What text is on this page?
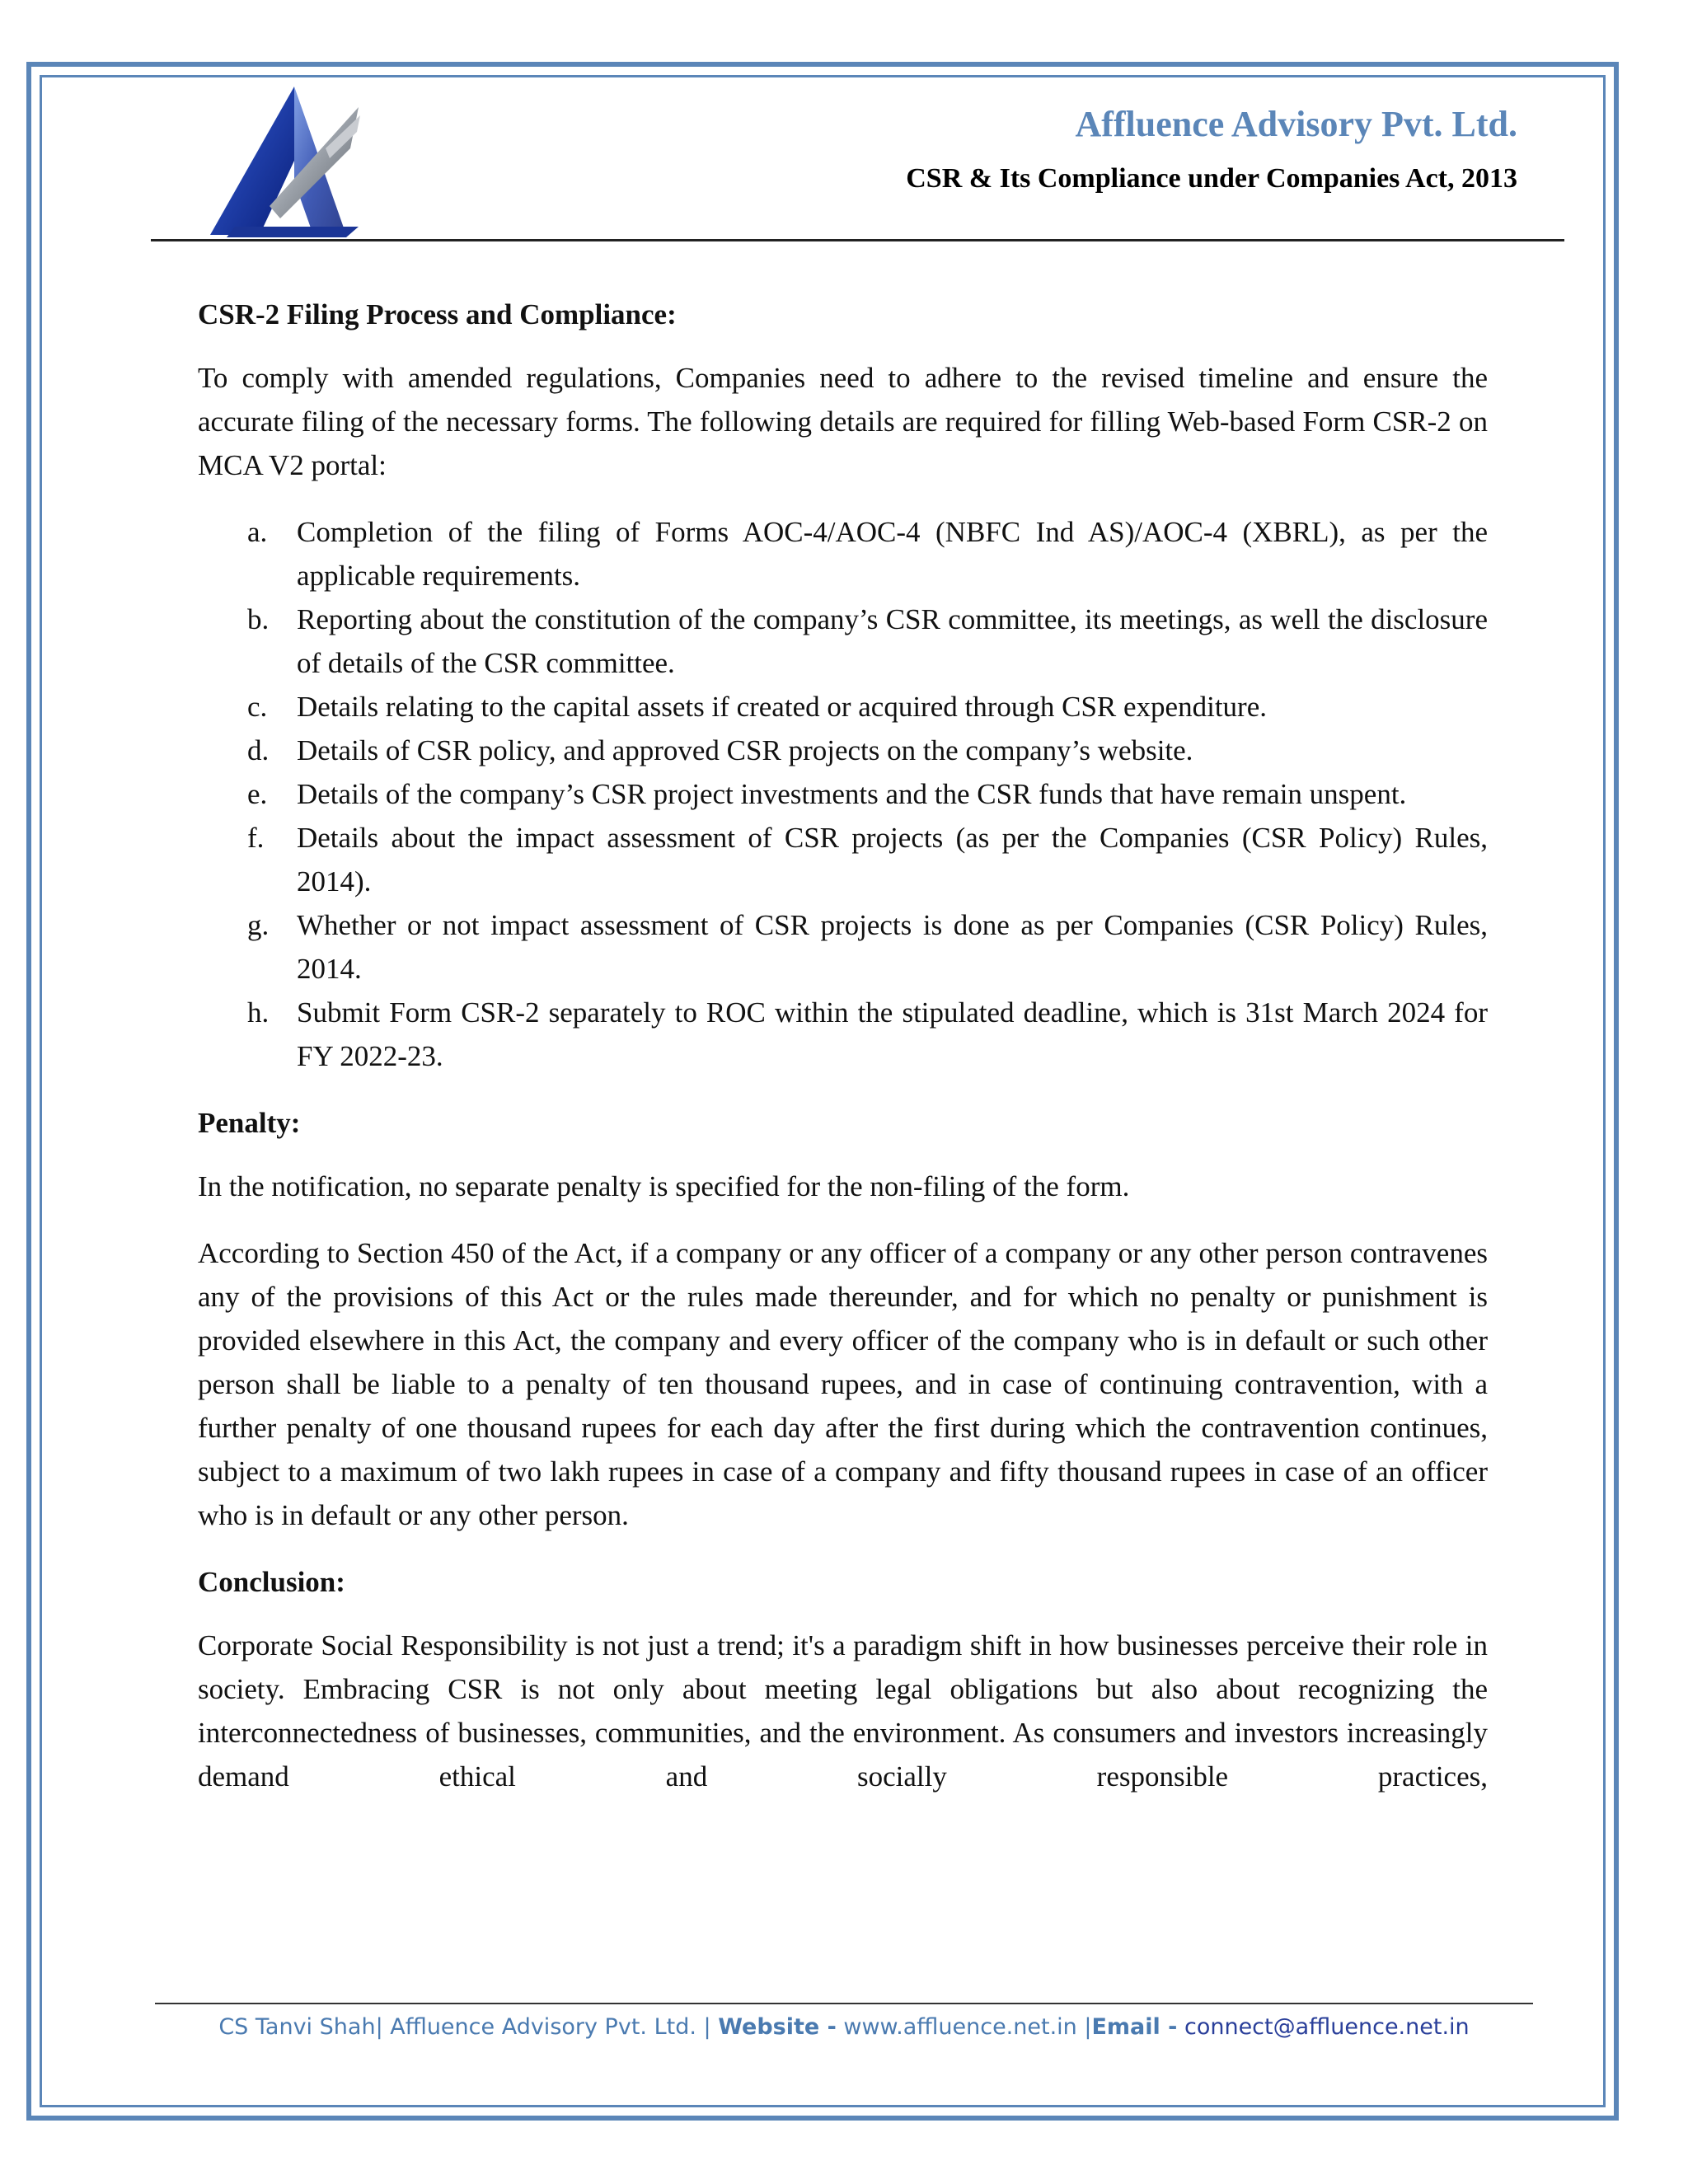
Affluence Advisory Pvt. Ltd.
CSR & Its Compliance under Companies Act, 2013

CSR-2 Filing Process and Compliance:

To comply with amended regulations, Companies need to adhere to the revised timeline and ensure the accurate filing of the necessary forms. The following details are required for filling Web-based Form CSR-2 on MCA V2 portal:

a. Completion of the filing of Forms AOC-4/AOC-4 (NBFC Ind AS)/AOC-4 (XBRL), as per the applicable requirements.
b. Reporting about the constitution of the company’s CSR committee, its meetings, as well the disclosure of details of the CSR committee.
c. Details relating to the capital assets if created or acquired through CSR expenditure.
d. Details of CSR policy, and approved CSR projects on the company’s website.
e. Details of the company’s CSR project investments and the CSR funds that have remain unspent.
f. Details about the impact assessment of CSR projects (as per the Companies (CSR Policy) Rules, 2014).
g. Whether or not impact assessment of CSR projects is done as per Companies (CSR Policy) Rules, 2014.
h. Submit Form CSR-2 separately to ROC within the stipulated deadline, which is 31st March 2024 for FY 2022-23.

Penalty:

In the notification, no separate penalty is specified for the non-filing of the form.

According to Section 450 of the Act, if a company or any officer of a company or any other person contravenes any of the provisions of this Act or the rules made thereunder, and for which no penalty or punishment is provided elsewhere in this Act, the company and every officer of the company who is in default or such other person shall be liable to a penalty of ten thousand rupees, and in case of continuing contravention, with a further penalty of one thousand rupees for each day after the first during which the contravention continues, subject to a maximum of two lakh rupees in case of a company and fifty thousand rupees in case of an officer who is in default or any other person.

Conclusion:

Corporate Social Responsibility is not just a trend; it's a paradigm shift in how businesses perceive their role in society. Embracing CSR is not only about meeting legal obligations but also about recognizing the interconnectedness of businesses, communities, and the environment. As consumers and investors increasingly demand ethical and socially responsible practices,

CS Tanvi Shah| Affluence Advisory Pvt. Ltd. | Website - www.affluence.net.in |Email - connect@affluence.net.in
